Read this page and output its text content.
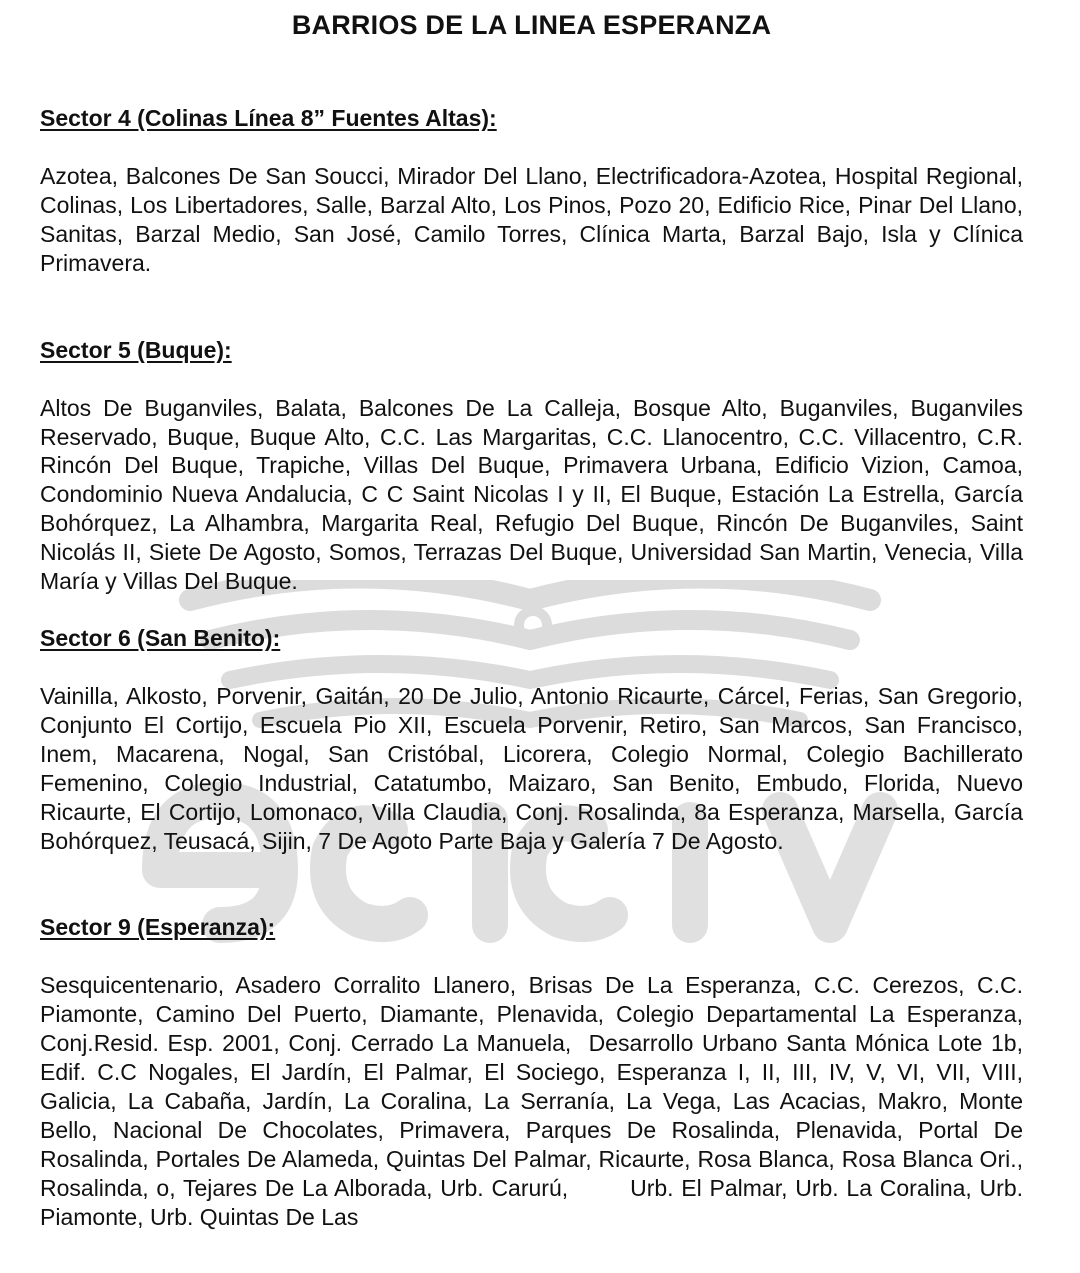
BARRIOS DE LA LINEA ESPERANZA
Sector 4 (Colinas Línea 8” Fuentes Altas):

Azotea, Balcones De San Soucci, Mirador Del Llano, Electrificadora-Azotea, Hospital Regional, Colinas, Los Libertadores, Salle, Barzal Alto, Los Pinos, Pozo 20, Edificio Rice, Pinar Del Llano, Sanitas, Barzal Medio, San José, Camilo Torres, Clínica Marta, Barzal Bajo, Isla y Clínica Primavera.

Sector 5 (Buque):

Altos De Buganviles, Balata, Balcones De La Calleja, Bosque Alto, Buganviles, Buganviles Reservado, Buque, Buque Alto, C.C. Las Margaritas, C.C. Llanocentro, C.C. Villacentro, C.R. Rincón Del Buque, Trapiche, Villas Del Buque, Primavera Urbana, Edificio Vizion, Camoa, Condominio Nueva Andalucia, C C Saint Nicolas I y II, El Buque, Estación La Estrella, García Bohórquez, La Alhambra, Margarita Real, Refugio Del Buque, Rincón De Buganviles, Saint Nicolás II, Siete De Agosto, Somos, Terrazas Del Buque, Universidad San Martin, Venecia, Villa María y Villas Del Buque.

Sector 6 (San Benito):

Vainilla, Alkosto, Porvenir, Gaitán, 20 De Julio, Antonio Ricaurte, Cárcel, Ferias, San Gregorio, Conjunto El Cortijo, Escuela Pio XII, Escuela Porvenir, Retiro, San Marcos, San Francisco, Inem, Macarena, Nogal, San Cristóbal, Licorera, Colegio Normal, Colegio Bachillerato Femenino, Colegio Industrial, Catatumbo, Maizaro, San Benito, Embudo, Florida, Nuevo Ricaurte, El Cortijo, Lomonaco, Villa Claudia, Conj. Rosalinda, 8a Esperanza, Marsella, García Bohórquez, Teusacá, Sijin, 7 De Agoto Parte Baja y Galería 7 De Agosto.

Sector 9 (Esperanza):

Sesquicentenario, Asadero Corralito Llanero, Brisas De La Esperanza, C.C. Cerezos, C.C. Piamonte, Camino Del Puerto, Diamante, Plenavida, Colegio Departamental La Esperanza, Conj.Resid. Esp. 2001, Conj. Cerrado La Manuela,  Desarrollo Urbano Santa Mónica Lote 1b, Edif. C.C Nogales, El Jardín, El Palmar, El Sociego, Esperanza I, II, III, IV, V, VI, VII, VIII, Galicia, La Cabaña, Jardín, La Coralina, La Serranía, La Vega, Las Acacias, Makro, Monte Bello, Nacional De Chocolates, Primavera, Parques De Rosalinda, Plenavida, Portal De Rosalinda, Portales De Alameda, Quintas Del Palmar, Ricaurte, Rosa Blanca, Rosa Blanca Ori., Rosalinda, o, Tejares De La Alborada, Urb. Carurú,        Urb. El Palmar, Urb. La Coralina, Urb. Piamonte, Urb. Quintas De Las
